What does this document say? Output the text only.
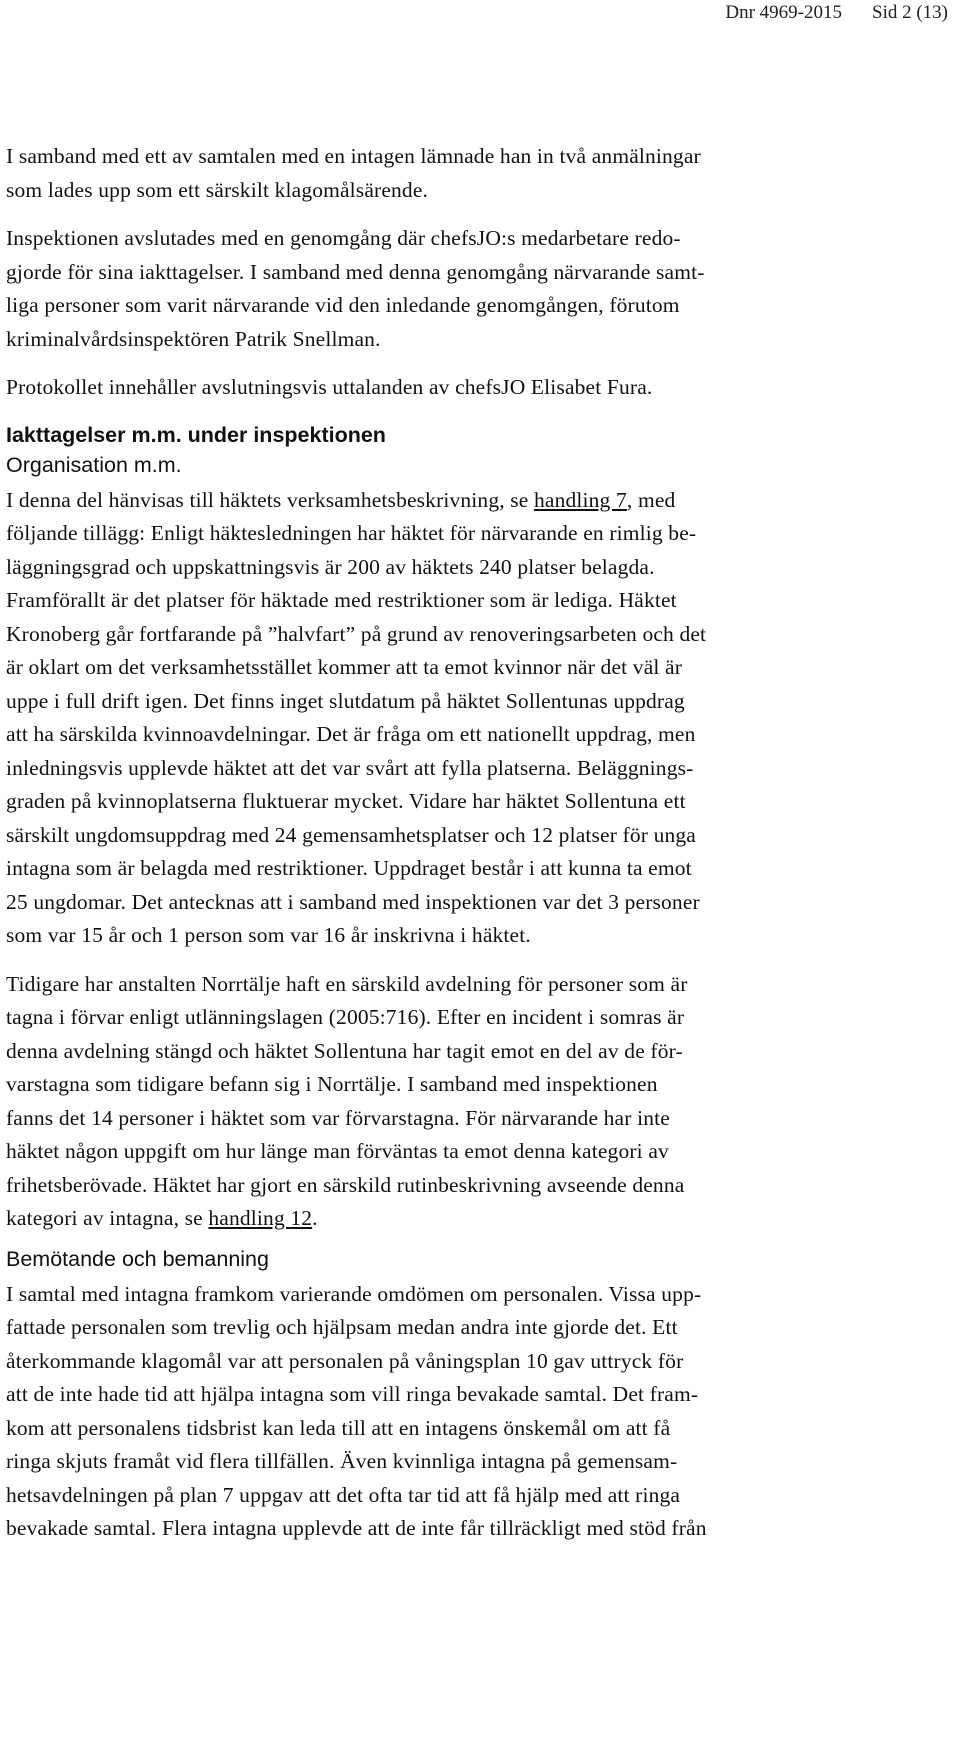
Dnr 4969-2015 Sid 2 (13)

I samband med ett av samtalen med en intagen lämnade han in två anmälningar
som lades upp som ett särskilt klagomålsärende.

Inspektionen avslutades med en genomgång där chefsJO:s medarbetare redo-
gjorde för sina iakttagelser. I samband med denna genomgång närvarande samt-
liga personer som varit närvarande vid den inledande genomgången, förutom
kriminalvårdsinspektören Patrik Snellman.

Protokollet innehåller avslutningsvis uttalanden av chefsJO Elisabet Fura.

Iakttagelser m.m. under inspektionen
Organisation m.m.

I denna del hänvisas till häktets verksamhetsbeskrivning, se handling 7, med
följande tillägg: Enligt häktesledningen har häktet för närvarande en rimlig be-
läggningsgrad och uppskattningsvis är 200 av häktets 240 platser belagda.
Framförallt är det platser för häktade med restriktioner som är lediga. Häktet
Kronoberg går fortfarande på ”halvfart” på grund av renoveringsarbeten och det
är oklart om det verksamhetsstället kommer att ta emot kvinnor när det väl är
uppe i full drift igen. Det finns inget slutdatum på häktet Sollentunas uppdrag
att ha särskilda kvinnoavdelningar. Det är fråga om ett nationellt uppdrag, men
inledningsvis upplevde häktet att det var svårt att fylla platserna. Beläggnings-
graden på kvinnoplatserna fluktuerar mycket. Vidare har häktet Sollentuna ett
särskilt ungdomsuppdrag med 24 gemensamhetsplatser och 12 platser för unga
intagna som är belagda med restriktioner. Uppdraget består i att kunna ta emot
25 ungdomar. Det antecknas att i samband med inspektionen var det 3 personer
som var 15 år och 1 person som var 16 år inskrivna i häktet.

Tidigare har anstalten Norrtälje haft en särskild avdelning för personer som är
tagna i förvar enligt utlänningslagen (2005:716). Efter en incident i somras är
denna avdelning stängd och häktet Sollentuna har tagit emot en del av de för-
varstagna som tidigare befann sig i Norrtälje. I samband med inspektionen
fanns det 14 personer i häktet som var förvarstagna. För närvarande har inte
häktet någon uppgift om hur länge man förväntas ta emot denna kategori av
frihetsberövade. Häktet har gjort en särskild rutinbeskrivning avseende denna
kategori av intagna, se handling 12.

Bemötande och bemanning

I samtal med intagna framkom varierande omdömen om personalen. Vissa upp-
fattade personalen som trevlig och hjälpsam medan andra inte gjorde det. Ett
återkommande klagomål var att personalen på våningsplan 10 gav uttryck för
att de inte hade tid att hjälpa intagna som vill ringa bevakade samtal. Det fram-
kom att personalens tidsbrist kan leda till att en intagens önskemål om att få
ringa skjuts framåt vid flera tillfällen. Även kvinnliga intagna på gemensam-
hetsavdelningen på plan 7 uppgav att det ofta tar tid att få hjälp med att ringa
bevakade samtal. Flera intagna upplevde att de inte får tillräckligt med stöd från
